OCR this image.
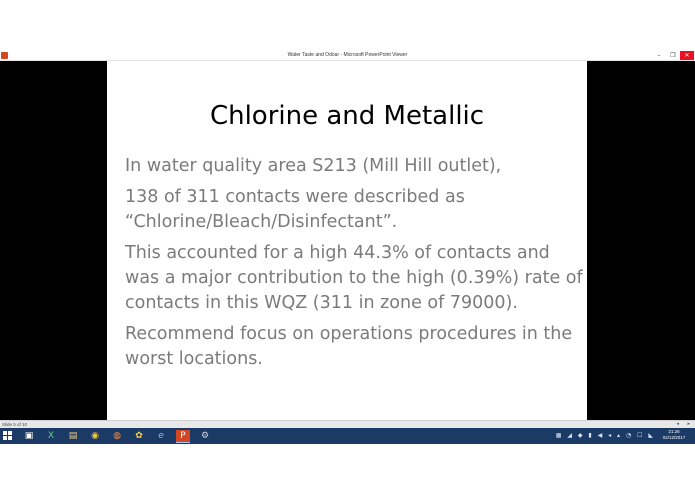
Water Taste and Odour - Microsoft PowerPoint Viewer	–	❐	✕
Chlorine and Metallic

In water quality area S213 (Mill Hill outlet),

138 of 311 contacts were described as “Chlorine/Bleach/Disinfectant”.

This accounted for a high 44.3% of contacts and was a major contribution to the high (0.39%) rate of contacts in this WQZ (311 in zone of 79000).

Recommend focus on operations procedures in the worst locations.

Slide 5 of 10	◂ ▸
▣	X	▤	◉	◍	✿	e	P	⚙	▦ ◢ ◆ ▮ ◀ ◂ ▴ ◔ ☐ ◣
21:26
02/12/2017
